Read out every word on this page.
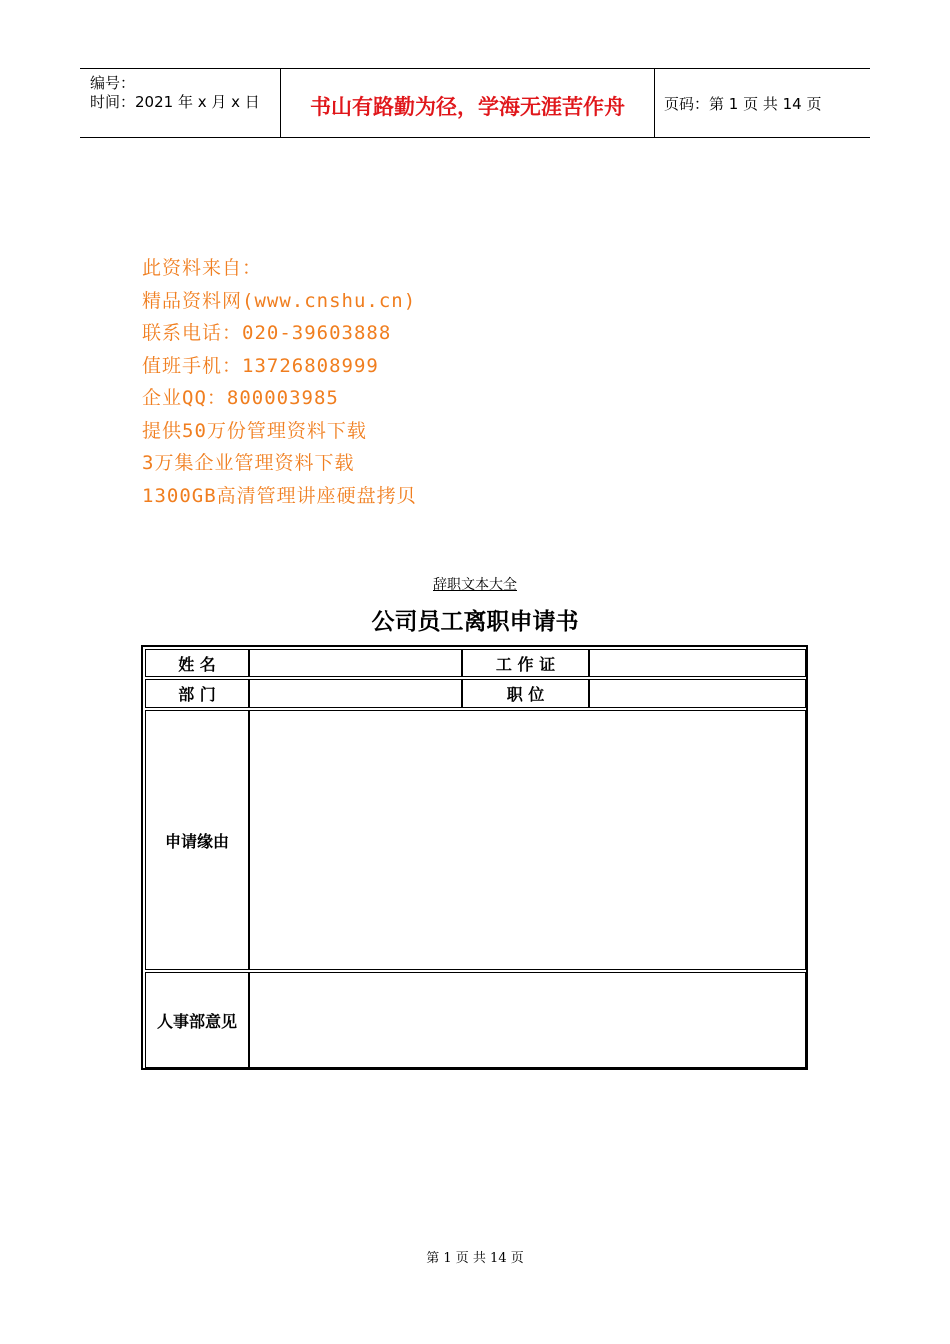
编号：
时间：2021 年 x 月 x 日	书山有路勤为径，学海无涯苦作舟	页码：第 1 页 共 14 页
此资料来自：
精品资料网(www.cnshu.cn)
联系电话：020-39603888
值班手机：13726808999
企业QQ：800003985
提供50万份管理资料下载
3万集企业管理资料下载
1300GB高清管理讲座硬盘拷贝
辞职文本大全
公司员工离职申请书
姓 名	工 作 证
部 门	职 位
申请缘由
人事部意见
第 1 页 共 14 页
